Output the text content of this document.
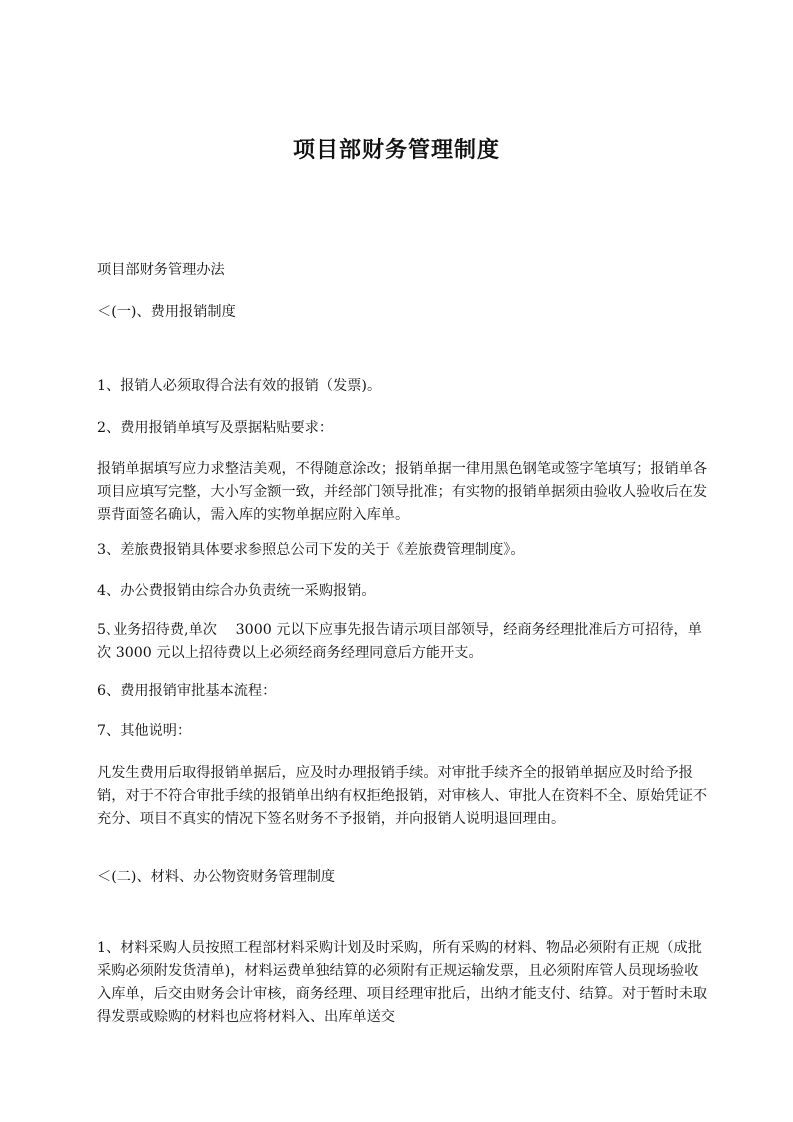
项目部财务管理制度

项目部财务管理办法

＜(一)、费用报销制度

1、报销人必须取得合法有效的报销（发票)。

2、费用报销单填写及票据粘贴要求：

报销单据填写应力求整洁美观，不得随意涂改；报销单据一律用黑色钢笔或签字笔填写；报销单各项目应填写完整，大小写金额一致，并经部门领导批准；有实物的报销单据须由验收人验收后在发票背面签名确认，需入库的实物单据应附入库单。

3、差旅费报销具体要求参照总公司下发的关于《差旅费管理制度》。

4、办公费报销由综合办负责统一采购报销。

5､业务招待费,单次　 3000 元以下应事先报告请示项目部领导，经商务经理批准后方可招待，单次 3000 元以上招待费以上必须经商务经理同意后方能开支。

6、费用报销审批基本流程：

7、其他说明：

凡发生费用后取得报销单据后，应及时办理报销手续。对审批手续齐全的报销单据应及时给予报销，对于不符合审批手续的报销单出纳有权拒绝报销，对审核人、审批人在资料不全、原始凭证不充分、项目不真实的情况下签名财务不予报销，并向报销人说明退回理由。

＜(二)、材料、办公物资财务管理制度

1、材料采购人员按照工程部材料采购计划及时采购，所有采购的材料、物品必须附有正规（成批采购必须附发货清单)，材料运费单独结算的必须附有正规运输发票，且必须附库管人员现场验收入库单，后交由财务会计审核，商务经理、项目经理审批后，出纳才能支付、结算。对于暂时未取得发票或赊购的材料也应将材料入、出库单送交
